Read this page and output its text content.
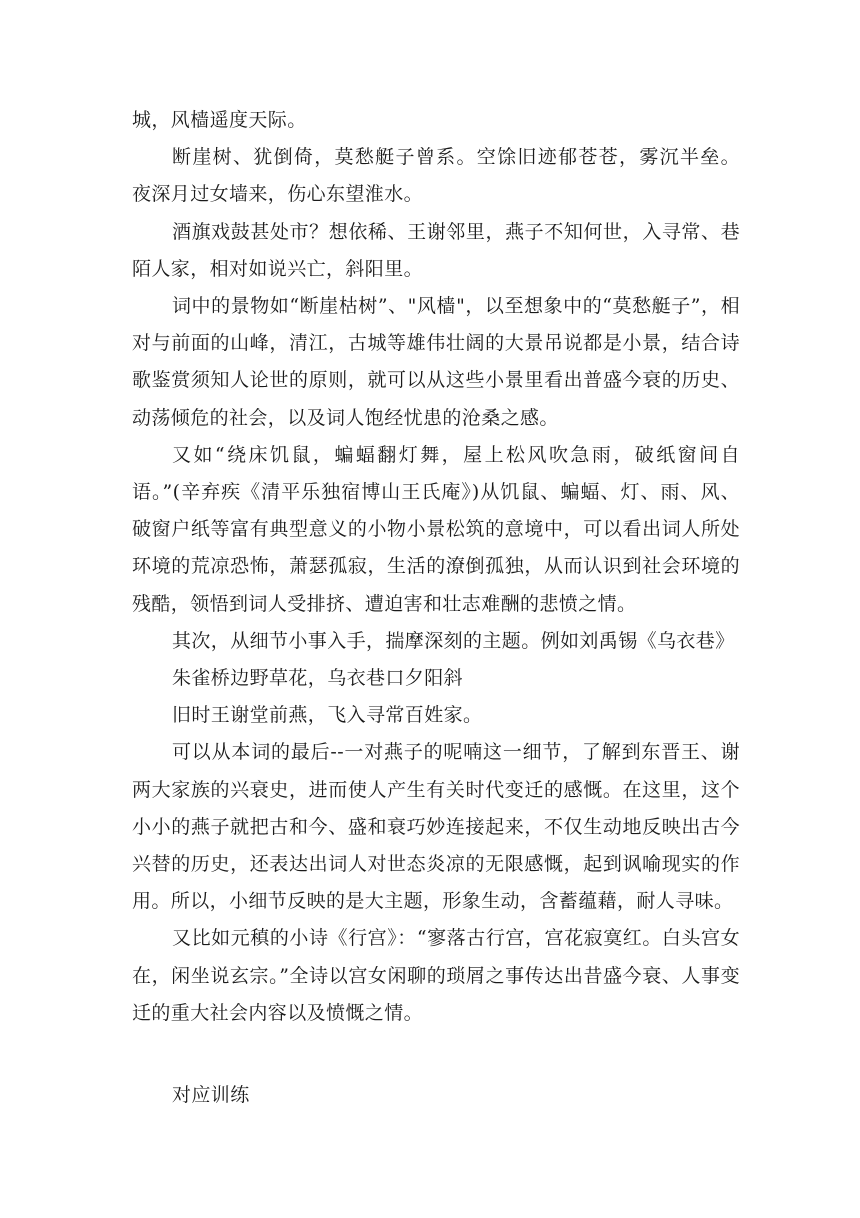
城，风樯遥度天际。

断崖树、犹倒倚，莫愁艇子曾系。空馀旧迹郁苍苍，雾沉半垒。 夜深月过女墙来，伤心东望淮水。

酒旗戏鼓甚处市？想依稀、王谢邻里，燕子不知何世，入寻常、巷陌人家，相对如说兴亡，斜阳里。

词中的景物如“断崖枯树”、"风樯"，以至想象中的“莫愁艇子”，相对与前面的山峰，清江，古城等雄伟壮阔的大景吊说都是小景，结合诗歌鉴赏须知人论世的原则，就可以从这些小景里看出普盛今衰的历史、动荡倾危的社会，以及词人饱经忧患的沧桑之感。

又如“绕床饥鼠，蝙蝠翻灯舞，屋上松风吹急雨，破纸窗间自语。”(辛弃疾《清平乐独宿博山王氏庵》)从饥鼠、蝙蝠、灯、雨、风、破窗户纸等富有典型意义的小物小景松筑的意境中，可以看出词人所处环境的荒凉恐怖，萧瑟孤寂，生活的潦倒孤独，从而认识到社会环境的残酷，领悟到词人受排挤、遭迫害和壮志难酬的悲愤之情。

其次，从细节小事入手，揣摩深刻的主题。例如刘禹锡《乌衣巷》

朱雀桥边野草花，乌衣巷口夕阳斜

旧时王谢堂前燕，飞入寻常百姓家。

可以从本词的最后--一对燕子的呢喃这一细节，了解到东晋王、谢两大家族的兴衰史，进而使人产生有关时代变迁的感慨。在这里，这个小小的燕子就把古和今、盛和衰巧妙连接起来，不仅生动地反映出古今兴替的历史，还表达出词人对世态炎凉的无限感慨，起到讽喻现实的作用。所以，小细节反映的是大主题，形象生动，含蓄蕴藉，耐人寻味。

又比如元稹的小诗《行宫》：“寥落古行宫，宫花寂寞红。白头宫女在，闲坐说玄宗。”全诗以宫女闲聊的琐屑之事传达出昔盛今衰、人事变迁的重大社会内容以及愤慨之情。

对应训练
